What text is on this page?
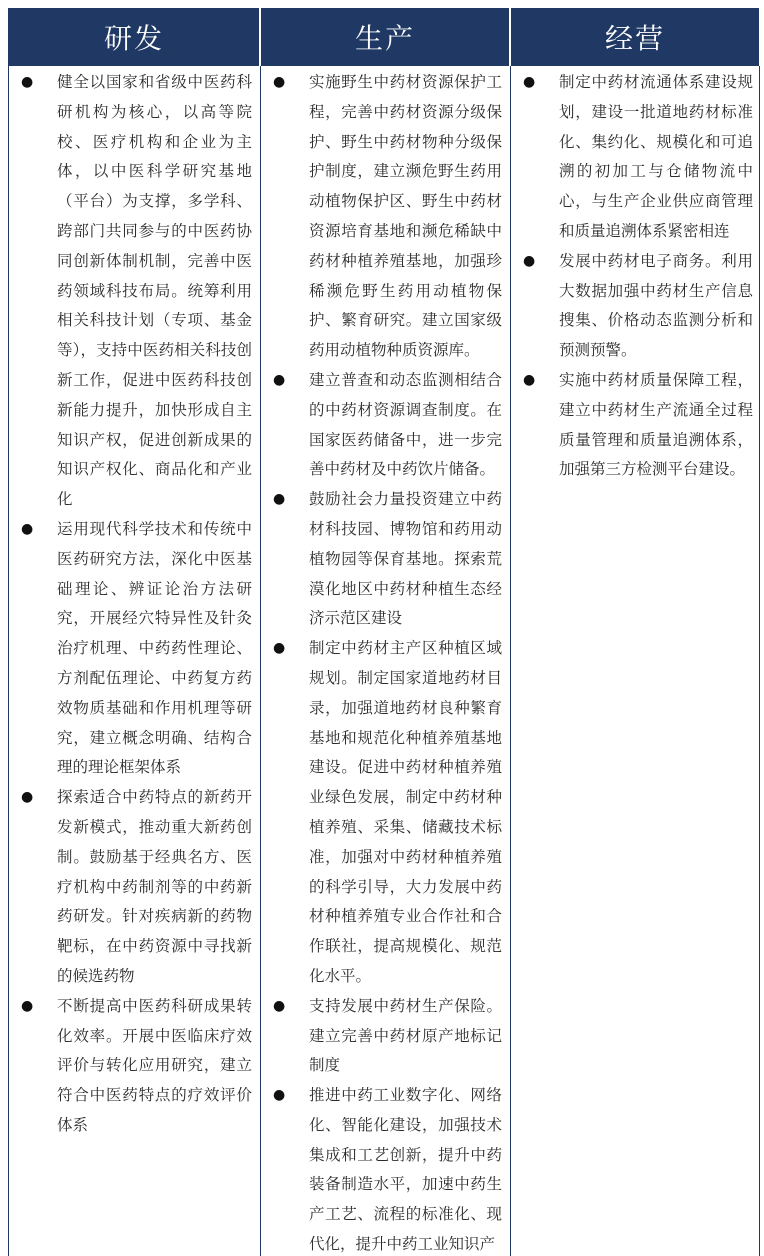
研发	生产	经营
● 健全以国家和省级中医药科研机构为核心，以高等院校、医疗机构和企业为主体，以中医科学研究基地（平台）为支撑，多学科、跨部门共同参与的中医药协同创新体制机制，完善中医药领域科技布局。统筹利用相关科技计划（专项、基金等），支持中医药相关科技创新工作，促进中医药科技创新能力提升，加快形成自主知识产权，促进创新成果的知识产权化、商品化和产业化
● 运用现代科学技术和传统中医药研究方法，深化中医基础理论、辨证论治方法研究，开展经穴特异性及针灸治疗机理、中药药性理论、方剂配伍理论、中药复方药效物质基础和作用机理等研究，建立概念明确、结构合理的理论框架体系
● 探索适合中药特点的新药开发新模式，推动重大新药创制。鼓励基于经典名方、医疗机构中药制剂等的中药新药研发。针对疾病新的药物靶标，在中药资源中寻找新的候选药物
● 不断提高中医药科研成果转化效率。开展中医临床疗效评价与转化应用研究，建立符合中医药特点的疗效评价体系
● 实施野生中药材资源保护工程，完善中药材资源分级保护、野生中药材物种分级保护制度，建立濒危野生药用动植物保护区、野生中药材资源培育基地和濒危稀缺中药材种植养殖基地，加强珍稀濒危野生药用动植物保护、繁育研究。建立国家级药用动植物种质资源库。
● 建立普查和动态监测相结合的中药材资源调查制度。在国家医药储备中，进一步完善中药材及中药饮片储备。
● 鼓励社会力量投资建立中药材科技园、博物馆和药用动植物园等保育基地。探索荒漠化地区中药材种植生态经济示范区建设
● 制定中药材主产区种植区域规划。制定国家道地药材目录，加强道地药材良种繁育基地和规范化种植养殖基地建设。促进中药材种植养殖业绿色发展，制定中药材种植养殖、采集、储藏技术标准，加强对中药材种植养殖的科学引导，大力发展中药材种植养殖专业合作社和合作联社，提高规模化、规范化水平。
● 支持发展中药材生产保险。建立完善中药材原产地标记制度
● 推进中药工业数字化、网络化、智能化建设，加强技术集成和工艺创新，提升中药装备制造水平，加速中药生产工艺、流程的标准化、现代化，提升中药工业知识产
● 制定中药材流通体系建设规划，建设一批道地药材标准化、集约化、规模化和可追溯的初加工与仓储物流中心，与生产企业供应商管理和质量追溯体系紧密相连
● 发展中药材电子商务。利用大数据加强中药材生产信息搜集、价格动态监测分析和预测预警。
● 实施中药材质量保障工程，建立中药材生产流通全过程质量管理和质量追溯体系，加强第三方检测平台建设。
